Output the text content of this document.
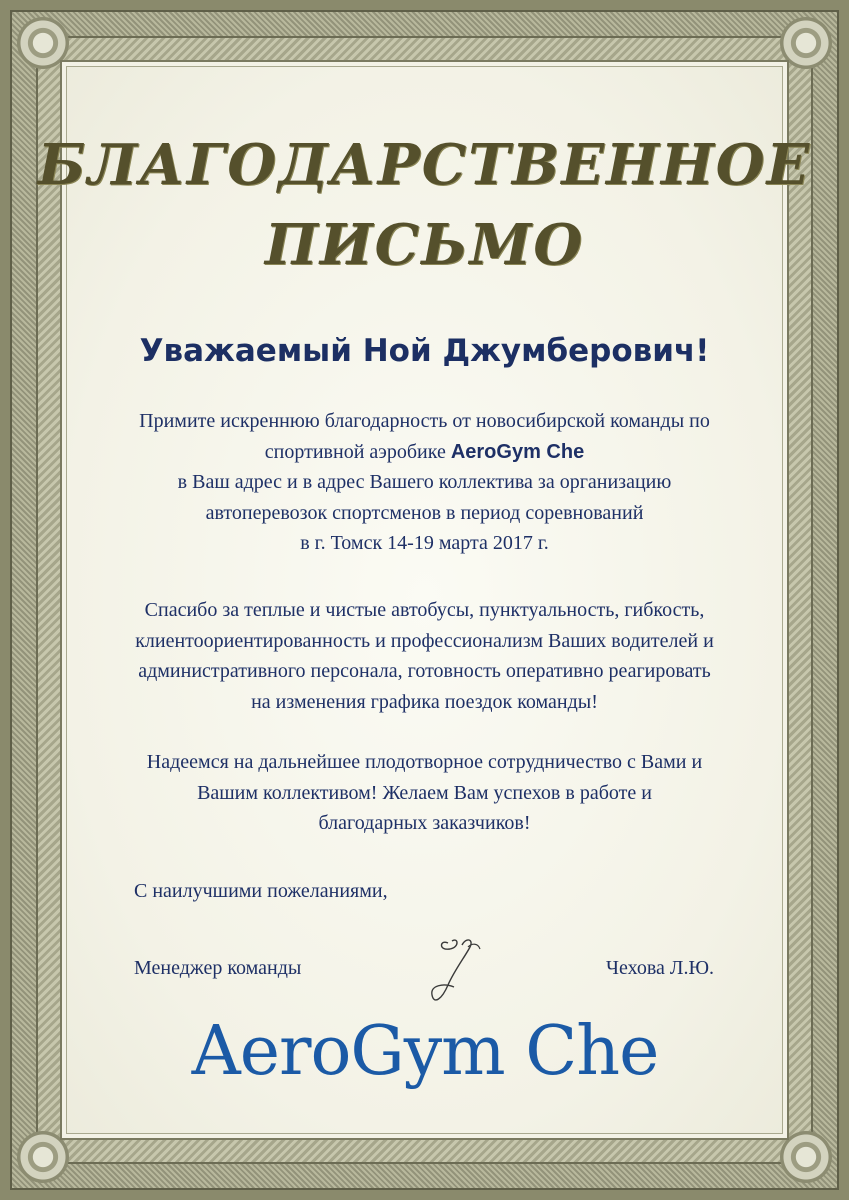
БЛАГОДАРСТВЕННОЕ
ПИСЬМО
Уважаемый Ной Джумберович!
Примите искреннюю благодарность от новосибирской команды по
спортивной аэробике AeroGym Che
в Ваш адрес и в адрес Вашего коллектива за организацию
автоперевозок спортсменов в период соревнований
в г. Томск 14-19 марта 2017 г.
Спасибо за теплые и чистые автобусы, пунктуальность, гибкость,
клиентоориентированность и профессионализм Ваших водителей и
административного персонала, готовность оперативно реагировать
на изменения графика поездок команды!
Надеемся на дальнейшее плодотворное сотрудничество с Вами и
Вашим коллективом! Желаем Вам успехов в работе и
благодарных заказчиков!
С наилучшими пожеланиями,
Менеджер команды	Чехова Л.Ю.
AeroGym Che
